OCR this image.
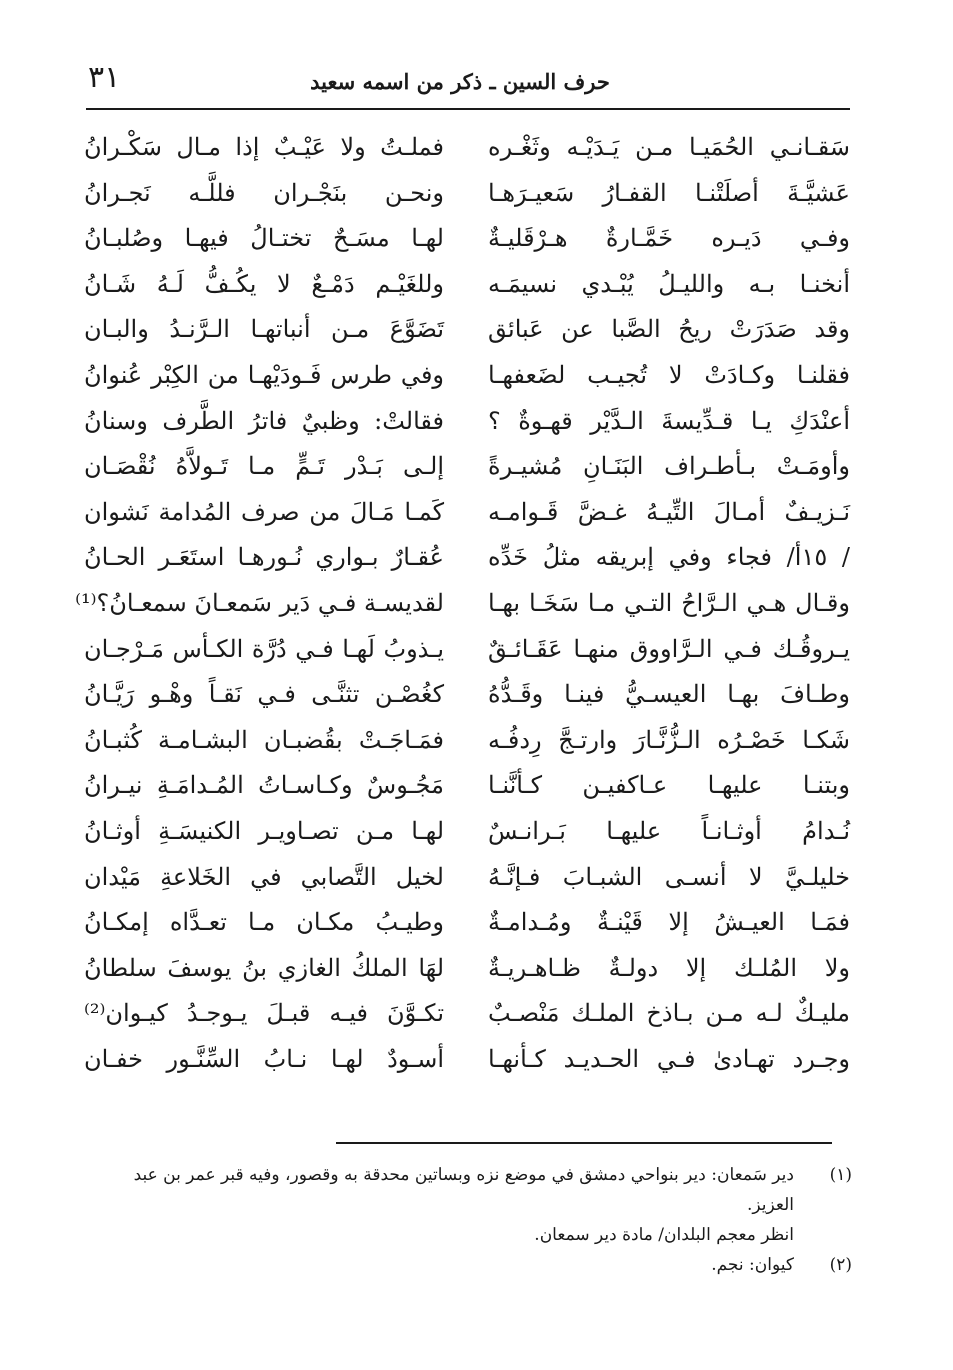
٣١	حرف السين ـ ذكر من اسمه سعيد
سَقـانـي الحُمَيـا مـن يَـدَيْـه وثَغْـره
فملـتُ ولا عَيْـبٌ إذا مـال سَكْـرانُ
عَشيَّـةَ أصلَتْنـا القفـارُ سَعيـرَهـا
ونحـن بنَجْـران فللَّـه نَجـرانُ
وفـي دَيـره خَمَّـارةٌ هـرْقَليـةٌ
لهـا مسَـحٌ تختـالُ فيهـا وصُلبـانُ
أنخنـا بـه والليـلُ يُبْـدي نسيمَـه
وللغَيْـم دَمْـعٌ لا يكُـفُّ لَـهُ شَـانُ
وقد صَدَرَتْ ريحُ الصَّبا عن عَبائق
تَضَوَّعَ مـن أنباتهـا الـرَّنـدُ والبـان
فقلنـا وكـادَتْ لا تُجيـب لضَعفهـا
وفي طرس فَـودَيْهـا من الكِبْر عُنوانُ
أعنْدَكِ يـا قـدِّيسةَ الـدَّيْر قهـوةٌ ؟
فقالتْ: وظبيٌ فاترُ الطَّرف وسنانُ
وأومَـتْ بـأطـراف البَنَـانِ مُشيـرةً
إلـى بَـدْر تَـمٍّ مـا تَـولاَّهُ نُقْصَـان
نَـزيـفٌ أمـالَ التِّيـهُ غـضَّ قَـوامـه
كَمـا مَـالَ من صرف المُدامة نَشوان
/ ١٥أ/ فجاء وفي إبريقه مثلُ خَدِّه
عُقـارٌ بـواري نُـورهـا استَعَـر الحـانُ
وقـال هـي الـرَّاحُ التـي مـا سَخَـا بهـا
لقديسـة فـي دَير سَمعـانَ سمعـانُ؟⁽¹⁾
يـروقُـك فـي الـرَّاووق منهـا عَقَـائـقٌ
يـذوبُ لَهـا فـي دُرَّة الكـأس مَـرْجـان
وطـافَ بهـا العيسـيُّ فينـا وقَـدُّهُ
كغُصْـن تثنَّـى فـي نَقـاً وهْـو رَيَّـانُ
شَكـا خَصْـرُه الـزُّنَّـارَ وارتـجَّ رِدفُـه
فمَـاجَـتْ بقُضبـان البشـامـة كُثبـانُ
وبتنـا عليهـا عـاكفيـن كـأنَّنـا
مَجُـوسٌ وكـاسـاتُ المُـدامَـةِ نيـرانُ
نُـدامُ أوثـانـاً عليهـا بَـرانـسٌ
لهـا مـن تصـاويـر الكنيسَـةِ أوثـانُ
خليلـيَّ لا أنسـى الشبـابَ فـإنَّـهُ
لخيل التَّصابي في الخَلاعةِ مَيْدان
فمَـا العيـشُ إلا قَيْنـةٌ ومُـدامـةٌ
وطيـبُ مكـان مـا تعـدَّاه إمكـانُ
ولا المُلـك إلا دولـةٌ ظـاهـريـةٌ
لهَا الملكُ الغازي بنُ يوسفَ سلطانُ
مليـكٌ لـه مـن بـاذخ الملـك مَنْصـبٌ
تكـوَّنَ فيـه قبـلَ يـوجـدُ كيـوان⁽²⁾
وجـرد تهـادىٰ فـي الحـديـد كـأنهـا
أسـودٌ لهـا نـابُ السِّنَّـور خفـان
(١)
دير سَمعان: دير بنواحي دمشق في موضع نزه وبساتين محدقة به وقصور، وفيه قبر عمر بن عبد العزيز.
انظر معجم البلدان/ مادة دير سمعان.
(٢)
كيوان: نجم.
